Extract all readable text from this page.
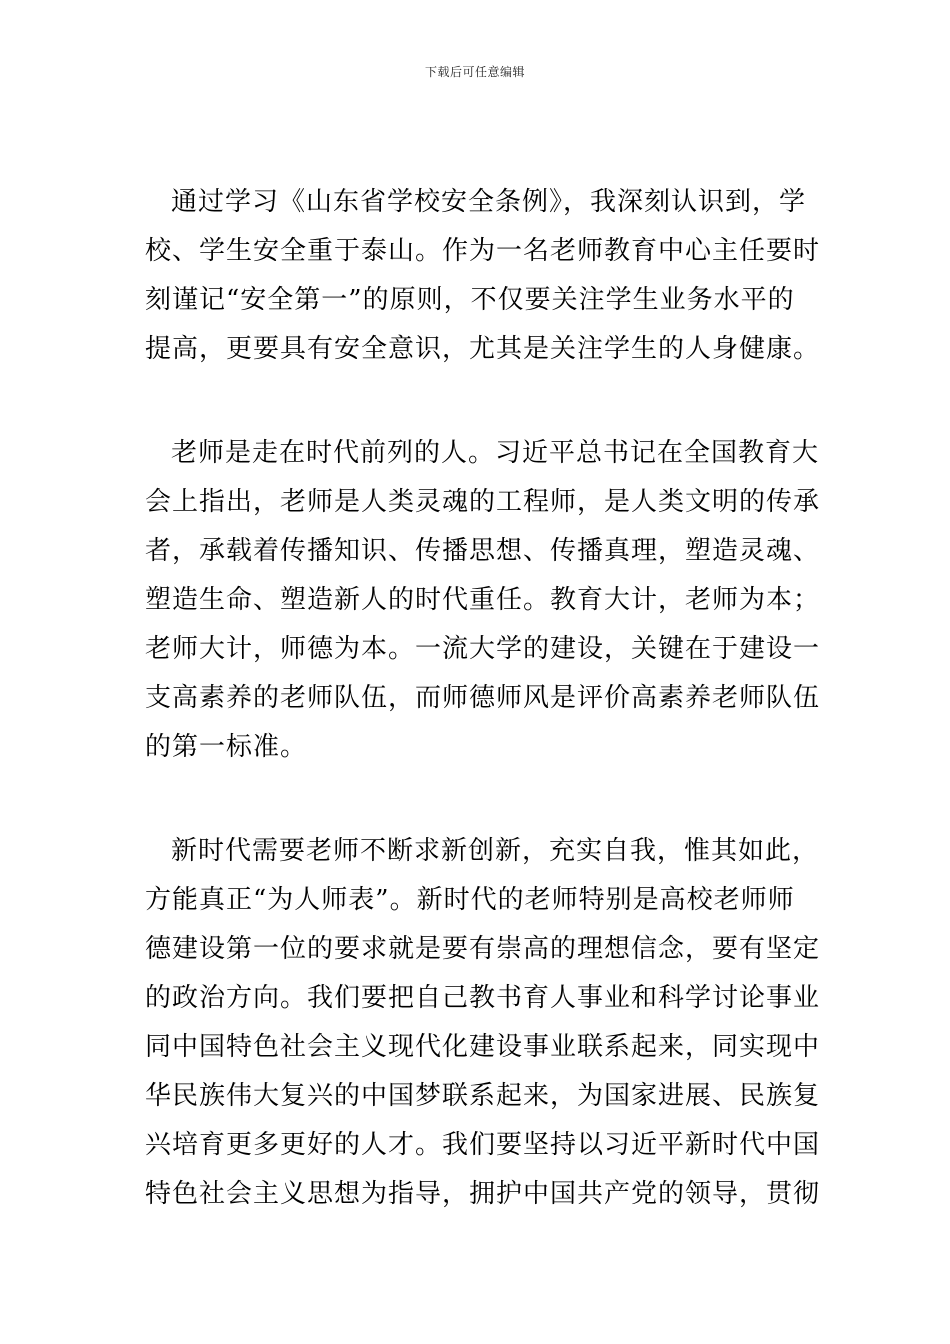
下载后可任意编辑
通过学习《山东省学校安全条例》，我深刻认识到，学
校、学生安全重于泰山。作为一名老师教育中心主任要时
刻谨记“安全第一”的原则，不仅要关注学生业务水平的
提高，更要具有安全意识，尤其是关注学生的人身健康。
老师是走在时代前列的人。习近平总书记在全国教育大
会上指出，老师是人类灵魂的工程师，是人类文明的传承
者，承载着传播知识、传播思想、传播真理，塑造灵魂、
塑造生命、塑造新人的时代重任。教育大计，老师为本；
老师大计，师德为本。一流大学的建设，关键在于建设一
支高素养的老师队伍，而师德师风是评价高素养老师队伍
的第一标准。
新时代需要老师不断求新创新，充实自我，惟其如此，
方能真正“为人师表”。新时代的老师特别是高校老师师
德建设第一位的要求就是要有崇高的理想信念，要有坚定
的政治方向。我们要把自己教书育人事业和科学讨论事业
同中国特色社会主义现代化建设事业联系起来，同实现中
华民族伟大复兴的中国梦联系起来，为国家进展、民族复
兴培育更多更好的人才。我们要坚持以习近平新时代中国
特色社会主义思想为指导，拥护中国共产党的领导，贯彻
